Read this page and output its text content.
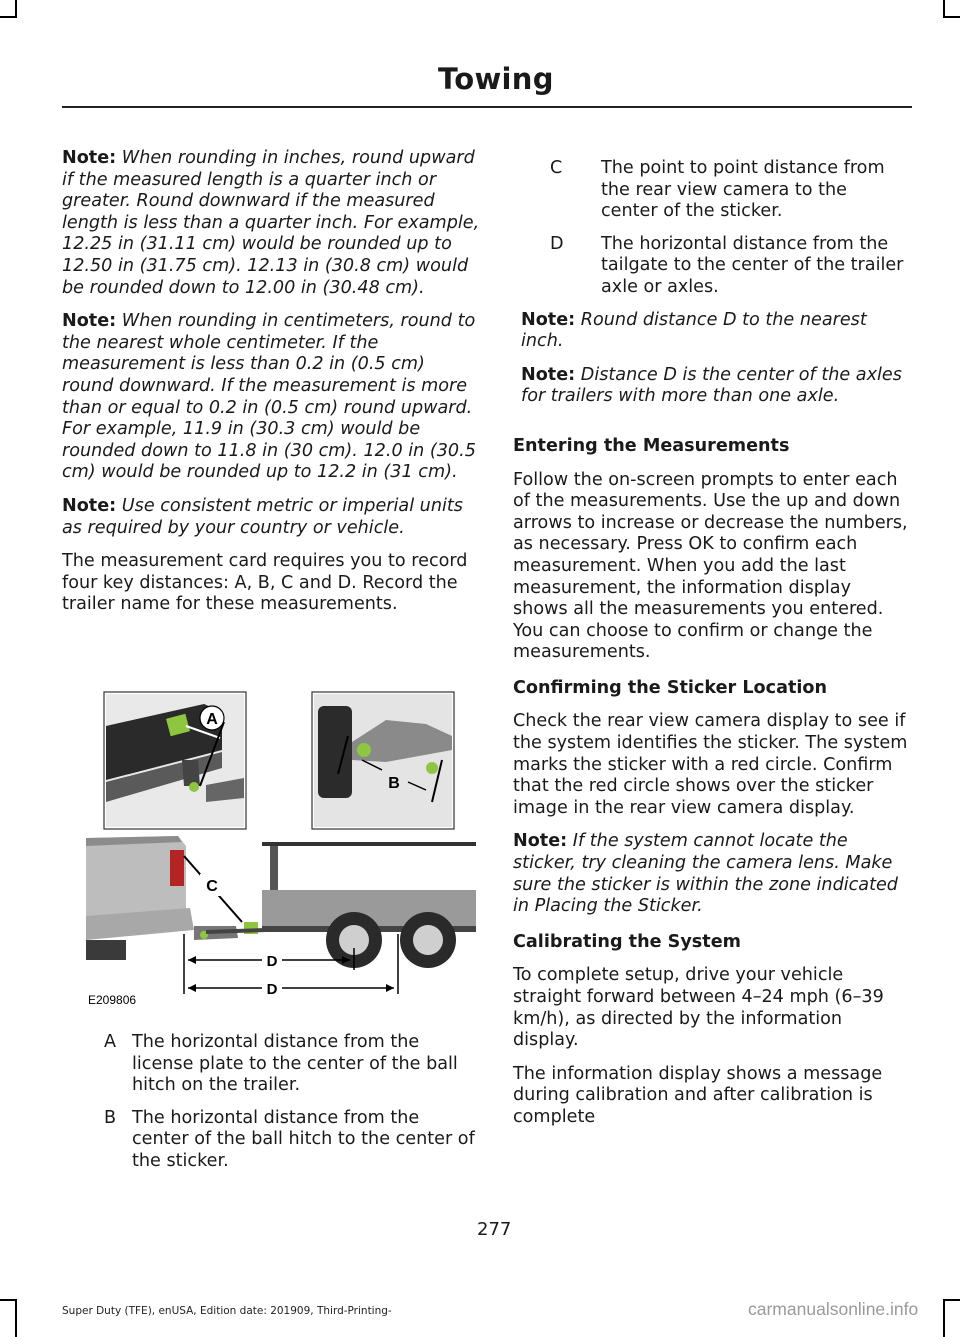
Towing

Note: When rounding in inches, round upward if the measured length is a quarter inch or greater. Round downward if the measured length is less than a quarter inch. For example, 12.25 in (31.11 cm) would be rounded up to 12.50 in (31.75 cm). 12.13 in (30.8 cm) would be rounded down to 12.00 in (30.48 cm).

Note: When rounding in centimeters, round to the nearest whole centimeter. If the measurement is less than 0.2 in (0.5 cm) round downward. If the measurement is more than or equal to 0.2 in (0.5 cm) round upward. For example, 11.9 in (30.3 cm) would be rounded down to 11.8 in (30 cm). 12.0 in (30.5 cm) would be rounded up to 12.2 in (31 cm).

Note: Use consistent metric or imperial units as required by your country or vehicle.

The measurement card requires you to record four key distances: A, B, C and D. Record the trailer name for these measurements.

A
B
C
D
D
E209806
A The horizontal distance from the license plate to the center of the ball hitch on the trailer.
B The horizontal distance from the center of the ball hitch to the center of the sticker.
C	The point to point distance from the rear view camera to the center of the sticker.
D	The horizontal distance from the tailgate to the center of the trailer axle or axles.

Note: Round distance D to the nearest inch.

Note: Distance D is the center of the axles for trailers with more than one axle.

Entering the Measurements

Follow the on-screen prompts to enter each of the measurements. Use the up and down arrows to increase or decrease the numbers, as necessary. Press OK to confirm each measurement. When you add the last measurement, the information display shows all the measurements you entered. You can choose to confirm or change the measurements.

Confirming the Sticker Location

Check the rear view camera display to see if the system identifies the sticker. The system marks the sticker with a red circle. Confirm that the red circle shows over the sticker image in the rear view camera display.

Note: If the system cannot locate the sticker, try cleaning the camera lens. Make sure the sticker is within the zone indicated in Placing the Sticker.

Calibrating the System

To complete setup, drive your vehicle straight forward between 4–24 mph (6–39 km/h), as directed by the information display.

The information display shows a message during calibration and after calibration is complete

277
Super Duty (TFE), enUSA, Edition date: 201909, Third-Printing-	carmanualsonline.info
